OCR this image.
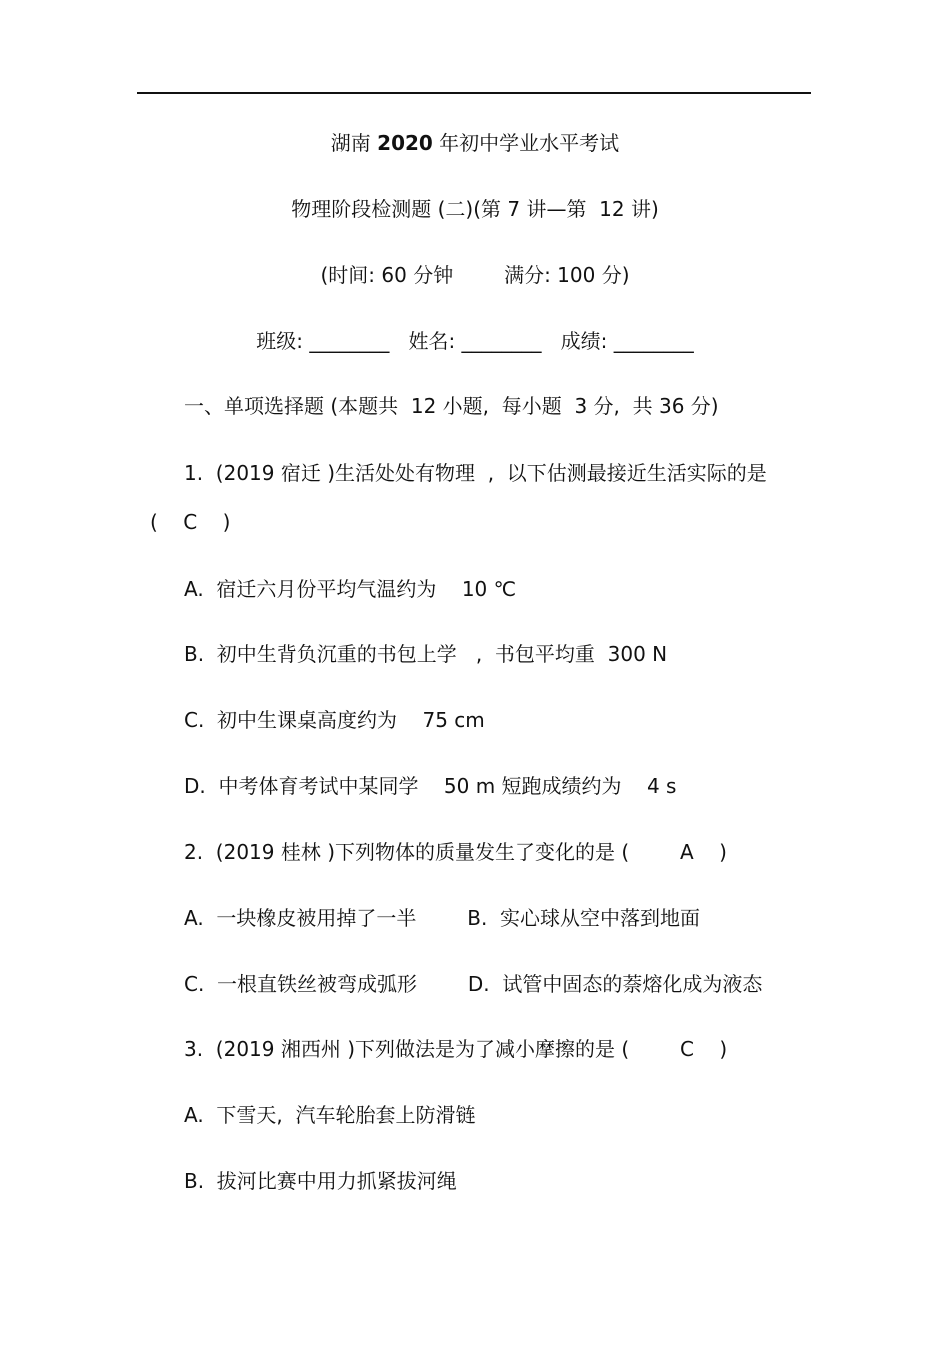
湖南 2020 年初中学业水平考试
物理阶段检测题 (二)(第 7 讲—第  12 讲)
(时间: 60 分钟        满分: 100 分)
班级: ________   姓名: ________   成绩: ________
一、单项选择题 (本题共  12 小题,  每小题  3 分,  共 36 分)
1.  (2019 宿迁 )生活处处有物理  ,  以下估测最接近生活实际的是
(    C    )
A.  宿迁六月份平均气温约为    10 ℃
B.  初中生背负沉重的书包上学   ,  书包平均重  300 N
C.  初中生课桌高度约为    75 cm
D.  中考体育考试中某同学    50 m 短跑成绩约为    4 s
2.  (2019 桂林 )下列物体的质量发生了变化的是 (        A    )
A.  一块橡皮被用掉了一半        B.  实心球从空中落到地面
C.  一根直铁丝被弯成弧形        D.  试管中固态的萘熔化成为液态
3.  (2019 湘西州 )下列做法是为了减小摩擦的是 (        C    )
A.  下雪天,  汽车轮胎套上防滑链
B.  拔河比赛中用力抓紧拔河绳
